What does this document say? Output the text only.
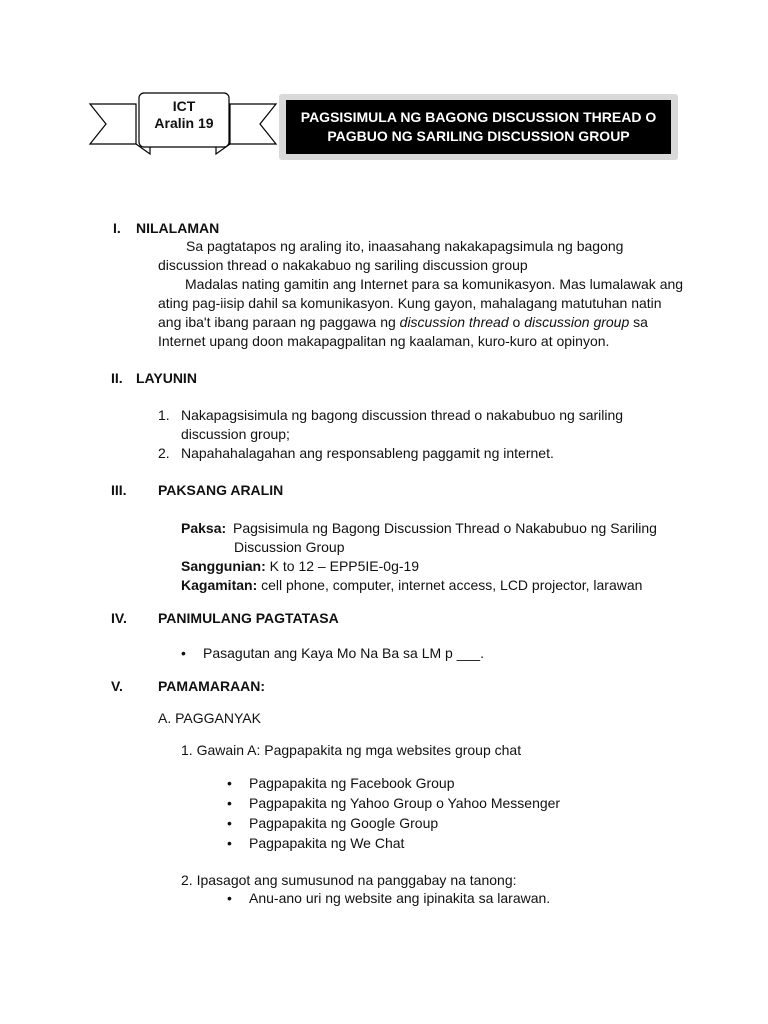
ICT
Aralin 19	PAGSISIMULA NG BAGONG DISCUSSION THREAD O
PAGBUO NG SARILING DISCUSSION GROUP
I. NILALAMAN
Sa pagtatapos ng araling ito, inaasahang nakakapagsimula ng bagong
discussion thread o nakakabuo ng sariling discussion group
Madalas nating gamitin ang Internet para sa komunikasyon. Mas lumalawak ang
ating pag-iisip dahil sa komunikasyon. Kung gayon, mahalagang matutuhan natin
ang iba't ibang paraan ng paggawa ng discussion thread o discussion group sa
Internet upang doon makapagpalitan ng kaalaman, kuro-kuro at opinyon.
II. LAYUNIN
1. Nakapagsisimula ng bagong discussion thread o nakabubuo ng sariling
discussion group;
2. Napahahalagahan ang responsableng paggamit ng internet.
III. PAKSANG ARALIN
Paksa: Pagsisimula ng Bagong Discussion Thread o Nakabubuo ng Sariling
Discussion Group
Sanggunian: K to 12 – EPP5IE-0g-19
Kagamitan: cell phone, computer, internet access, LCD projector, larawan
IV. PANIMULANG PAGTATASA
• Pasagutan ang Kaya Mo Na Ba sa LM p ___.
V.	PAMAMARAAN:
A. PAGGANYAK
1. Gawain A: Pagpapakita ng mga websites group chat
• Pagpapakita ng Facebook Group
• Pagpapakita ng Yahoo Group o Yahoo Messenger
• Pagpapakita ng Google Group
• Pagpapakita ng We Chat
2. Ipasagot ang sumusunod na panggabay na tanong:
• Anu-ano uri ng website ang ipinakita sa larawan.
